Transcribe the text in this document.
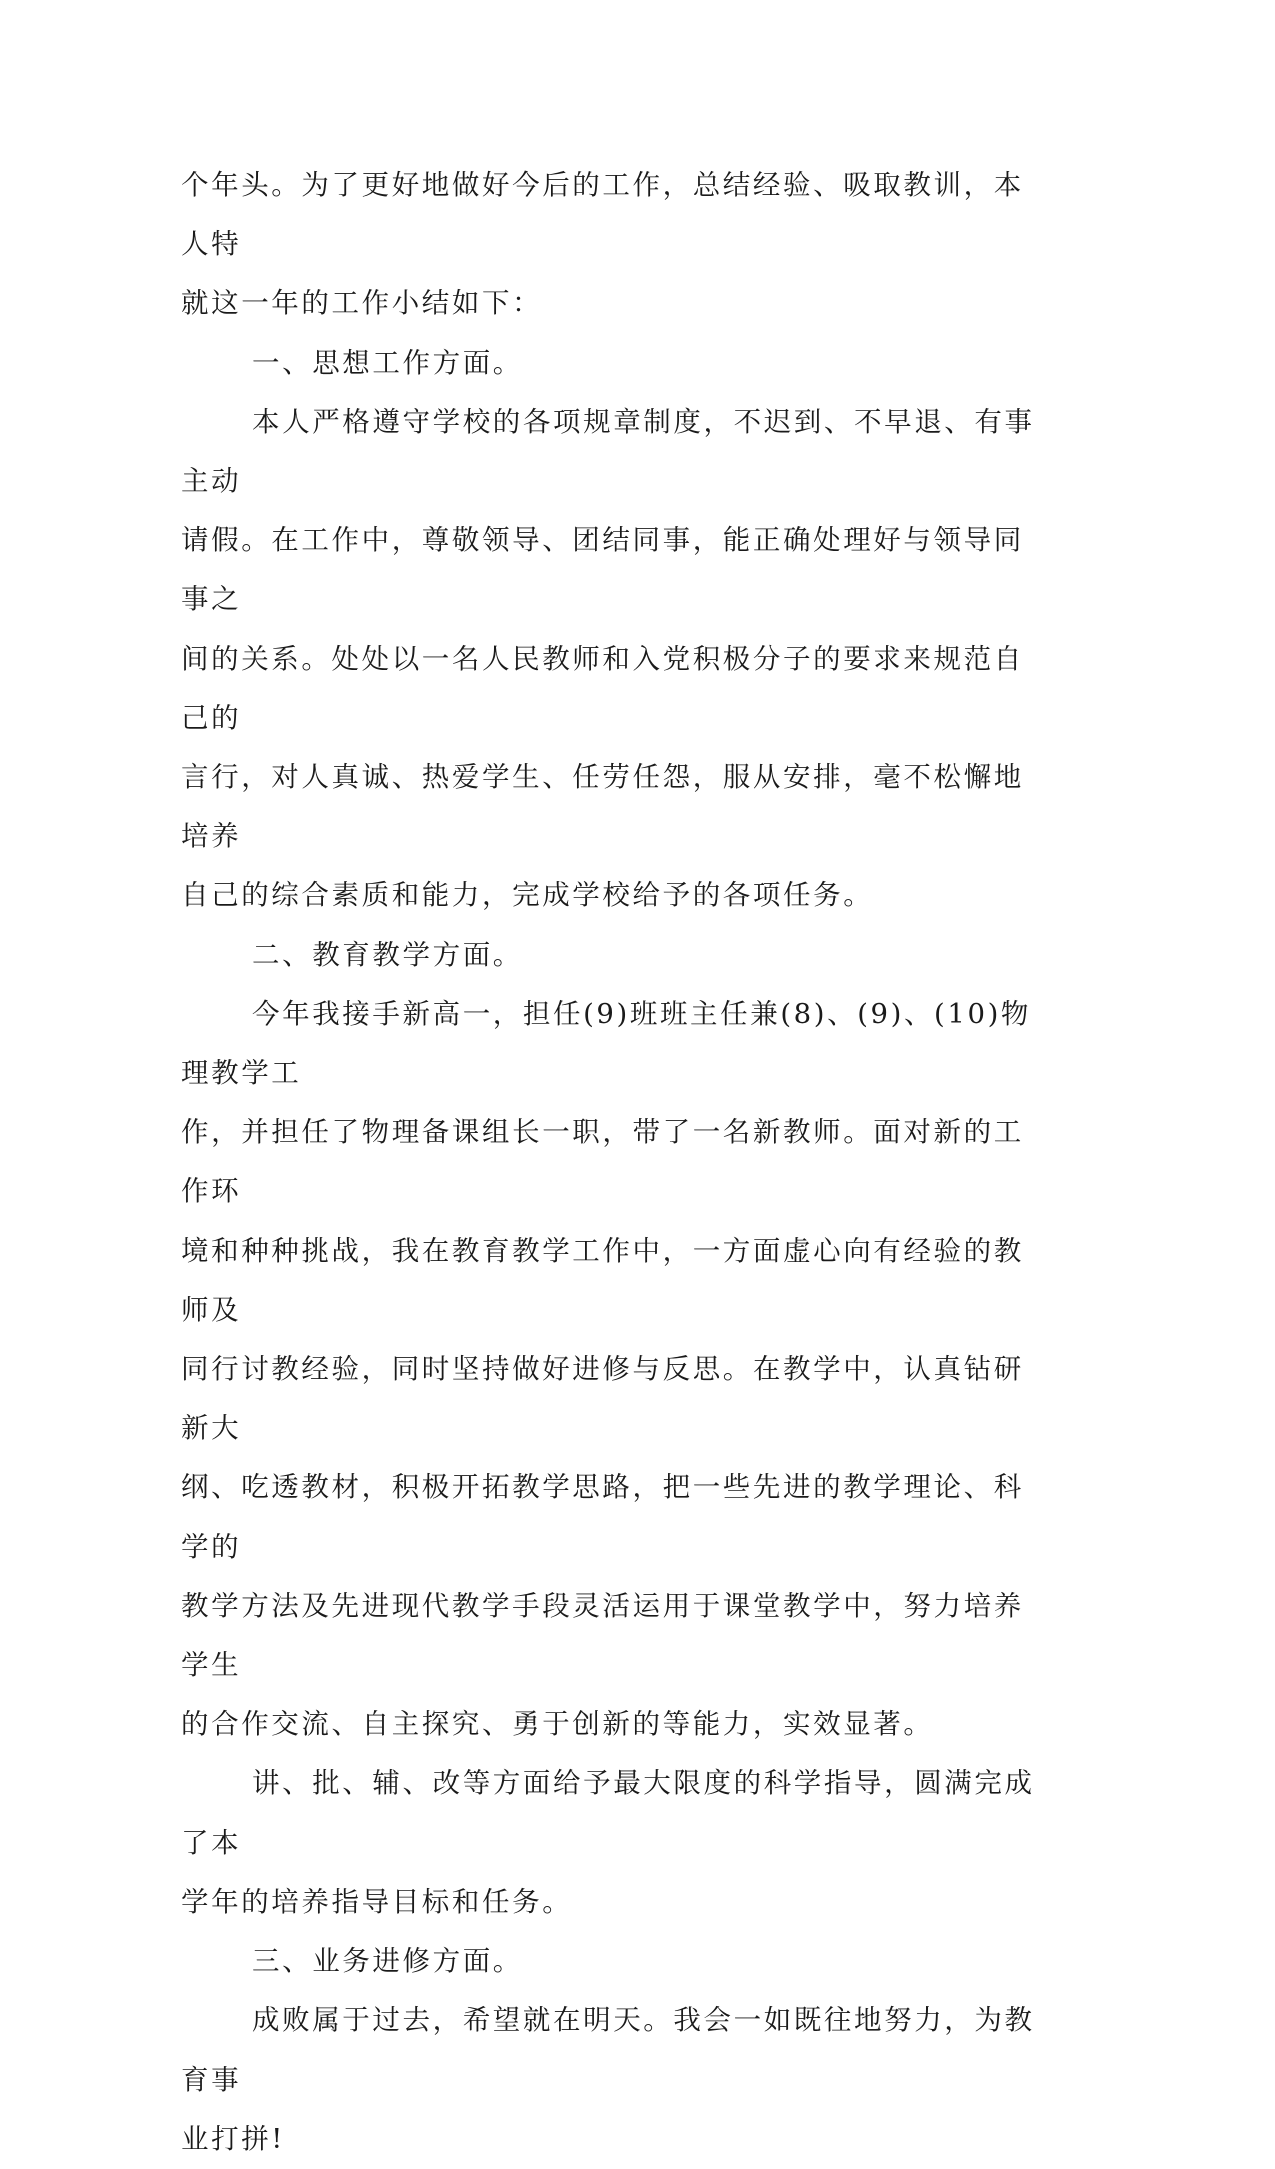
个年头。为了更好地做好今后的工作，总结经验、吸取教训，本人特
就这一年的工作小结如下：

一、思想工作方面。

本人严格遵守学校的各项规章制度，不迟到、不早退、有事主动
请假。在工作中，尊敬领导、团结同事，能正确处理好与领导同事之
间的关系。处处以一名人民教师和入党积极分子的要求来规范自己的
言行，对人真诚、热爱学生、任劳任怨，服从安排，毫不松懈地培养
自己的综合素质和能力，完成学校给予的各项任务。

二、教育教学方面。

今年我接手新高一，担任(9)班班主任兼(8)、(9)、(10)物理教学工
作，并担任了物理备课组长一职，带了一名新教师。面对新的工作环
境和种种挑战，我在教育教学工作中，一方面虚心向有经验的教师及
同行讨教经验，同时坚持做好进修与反思。在教学中，认真钻研新大
纲、吃透教材，积极开拓教学思路，把一些先进的教学理论、科学的
教学方法及先进现代教学手段灵活运用于课堂教学中，努力培养学生
的合作交流、自主探究、勇于创新的等能力，实效显著。

讲、批、辅、改等方面给予最大限度的科学指导，圆满完成了本
学年的培养指导目标和任务。

三、业务进修方面。

成败属于过去，希望就在明天。我会一如既往地努力，为教育事
业打拼!
